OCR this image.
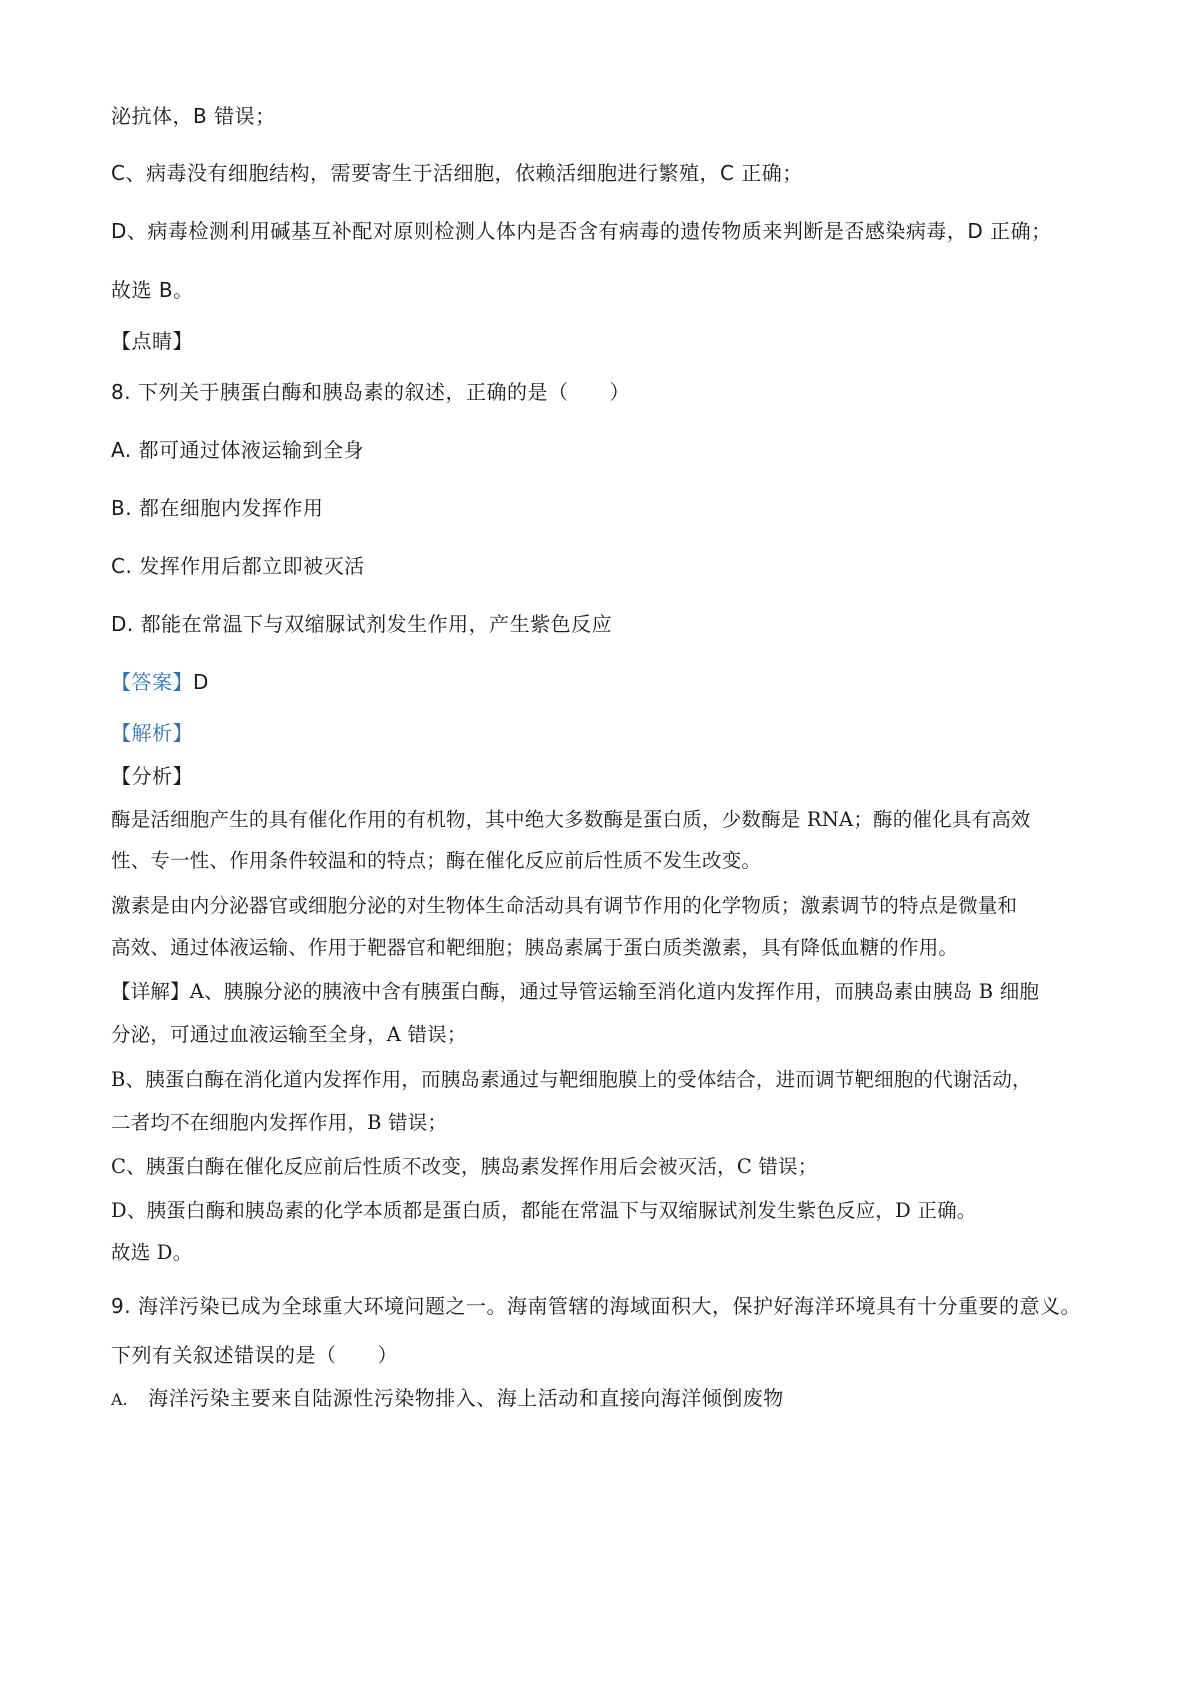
泌抗体，B 错误；
C、病毒没有细胞结构，需要寄生于活细胞，依赖活细胞进行繁殖，C 正确；
D、病毒检测利用碱基互补配对原则检测人体内是否含有病毒的遗传物质来判断是否感染病毒，D 正确；
故选 B。
【点睛】
8. 下列关于胰蛋白酶和胰岛素的叙述，正确的是（　　）
A. 都可通过体液运输到全身
B. 都在细胞内发挥作用
C. 发挥作用后都立即被灭活
D. 都能在常温下与双缩脲试剂发生作用，产生紫色反应
【答案】D
【解析】
【分析】
酶是活细胞产生的具有催化作用的有机物，其中绝大多数酶是蛋白质，少数酶是 RNA；酶的催化具有高效
性、专一性、作用条件较温和的特点；酶在催化反应前后性质不发生改变。
激素是由内分泌器官或细胞分泌的对生物体生命活动具有调节作用的化学物质；激素调节的特点是微量和
高效、通过体液运输、作用于靶器官和靶细胞；胰岛素属于蛋白质类激素，具有降低血糖的作用。
【详解】A、胰腺分泌的胰液中含有胰蛋白酶，通过导管运输至消化道内发挥作用，而胰岛素由胰岛 B 细胞
分泌，可通过血液运输至全身，A 错误；
B、胰蛋白酶在消化道内发挥作用，而胰岛素通过与靶细胞膜上的受体结合，进而调节靶细胞的代谢活动，
二者均不在细胞内发挥作用，B 错误；
C、胰蛋白酶在催化反应前后性质不改变，胰岛素发挥作用后会被灭活，C 错误；
D、胰蛋白酶和胰岛素的化学本质都是蛋白质，都能在常温下与双缩脲试剂发生紫色反应，D 正确。
故选 D。
9. 海洋污染已成为全球重大环境问题之一。海南管辖的海域面积大，保护好海洋环境具有十分重要的意义。
下列有关叙述错误的是（　　）
A. 海洋污染主要来自陆源性污染物排入、海上活动和直接向海洋倾倒废物
